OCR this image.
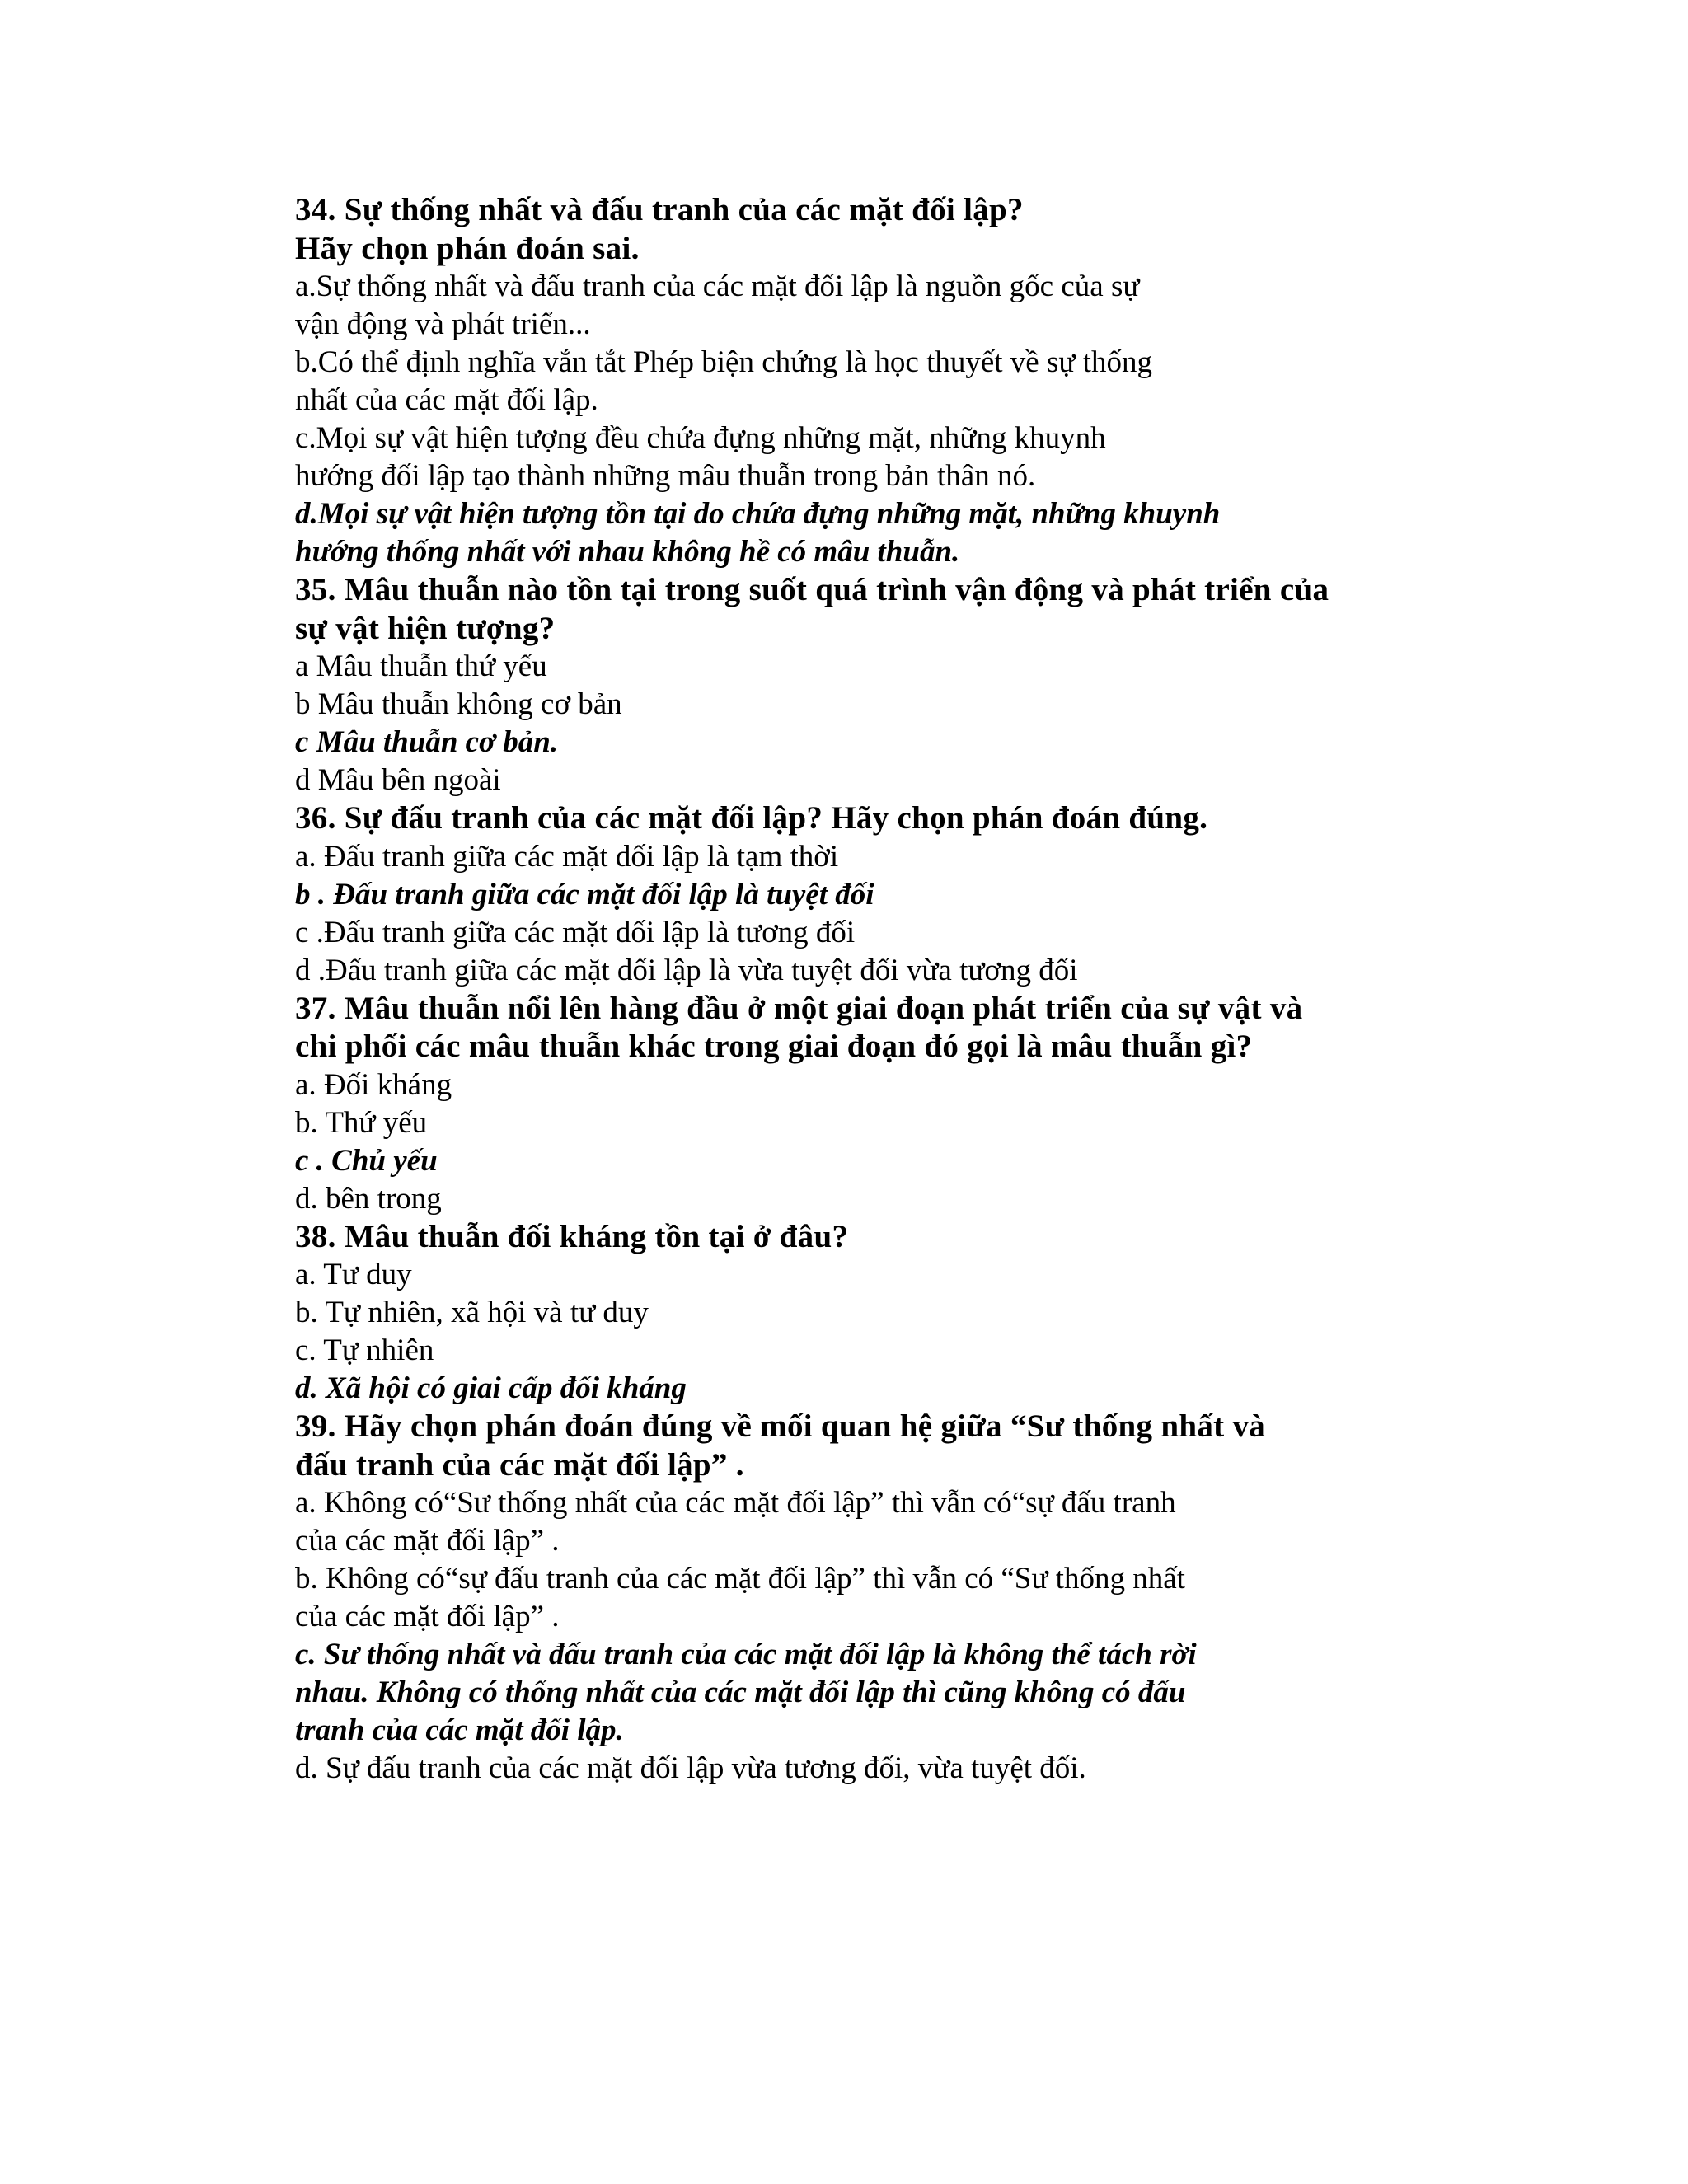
34. Sự thống nhất và đấu tranh của các mặt đối lập?
Hãy chọn phán đoán sai.
a.Sự thống nhất và đấu tranh của các mặt đối lập là nguồn gốc của sự
vận động và phát triển...
b.Có thể định nghĩa vắn tắt Phép biện chứng là học thuyết về sự thống
nhất của các mặt đối lập.
c.Mọi sự vật hiện tượng đều chứa đựng những mặt, những khuynh
hướng đối lập tạo thành những mâu thuẫn trong bản thân nó.
d.Mọi sự vật hiện tượng tồn tại do chứa đựng những mặt, những khuynh
hướng thống nhất với nhau không hề có mâu thuẫn.
35. Mâu thuẫn nào tồn tại trong suốt quá trình vận động và phát triển của
sự vật hiện tượng?
a Mâu thuẫn thứ yếu
b Mâu thuẫn không cơ bản
c Mâu thuẫn cơ bản.
d Mâu bên ngoài
36. Sự đấu tranh của các mặt đối lập? Hãy chọn phán đoán đúng.
a. Đấu tranh giữa các mặt dối lập là tạm thời
b . Đấu tranh giữa các mặt đối lập là tuyệt đối
c .Đấu tranh giữa các mặt dối lập là tương đối
d .Đấu tranh giữa các mặt dối lập là vừa tuyệt đối vừa tương đối
37. Mâu thuẫn nổi lên hàng đầu ở một giai đoạn phát triển của sự vật và
chi phối các mâu thuẫn khác trong giai đoạn đó gọi là mâu thuẫn gì?
a. Đối kháng
b. Thứ yếu
c . Chủ yếu
d. bên trong
38. Mâu thuẫn đối kháng tồn tại ở đâu?
a. Tư duy
b. Tự nhiên, xã hội và tư duy
c. Tự nhiên
d. Xã hội có giai cấp đối kháng
39. Hãy chọn phán đoán đúng về mối quan hệ giữa “Sư thống nhất và
đấu tranh của các mặt đối lập” .
a. Không có“Sư thống nhất của các mặt đối lập” thì vẫn có“sự đấu tranh
của các mặt đối lập” .
b. Không có“sự đấu tranh của các mặt đối lập” thì vẫn có “Sư thống nhất
của các mặt đối lập” .
c. Sư thống nhất và đấu tranh của các mặt đối lập là không thể tách rời
nhau. Không có thống nhất của các mặt đối lập thì cũng không có đấu
tranh của các mặt đối lập.
d. Sự đấu tranh của các mặt đối lập vừa tương đối, vừa tuyệt đối.
